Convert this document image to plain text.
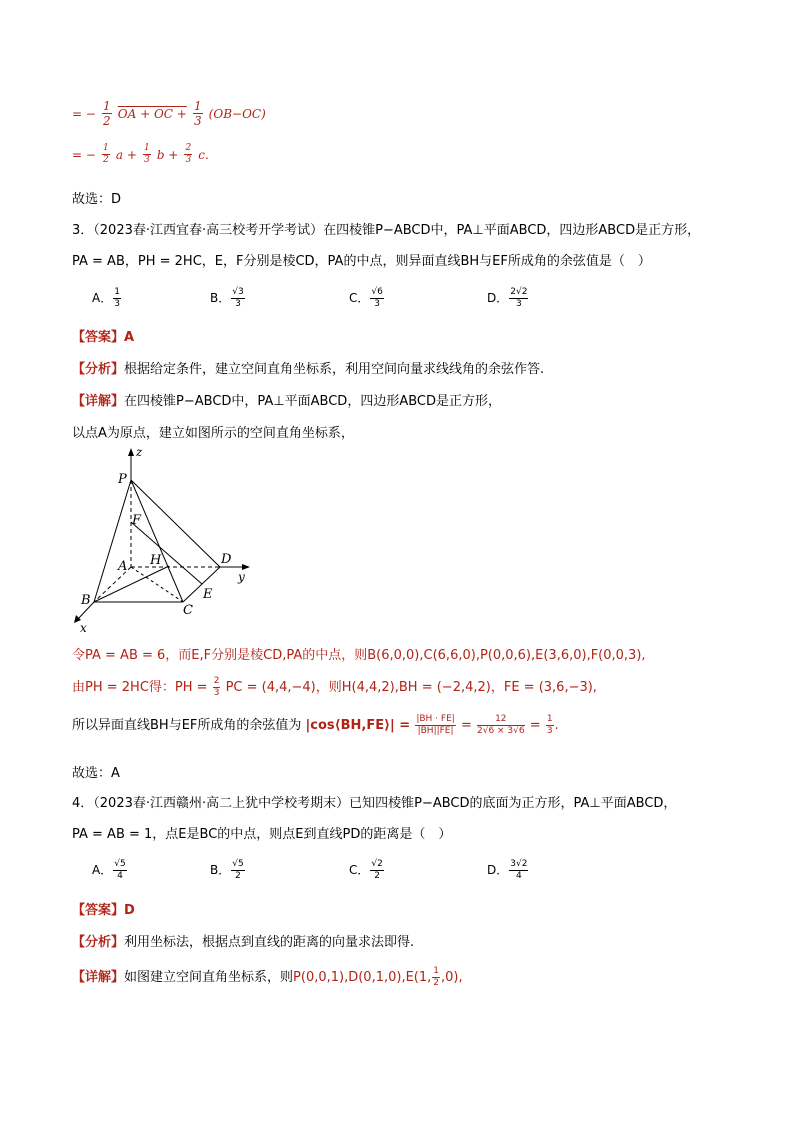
= − $\frac{1}{2}$ OA + OC + $\frac{1}{3} (OB-OC)$
= − $\frac{1}{2}$ $a + \frac{1}{3}$ $b + \frac{2}{3} c$.
故选：D
3．（2023春·江西宜春·高三校考开学考试）在四棱锥P−ABCD中，PA⊥平面ABCD，四边形ABCD是正方形，
PA = AB，PH = 2HC，E，F分别是棱CD，PA的中点，则异面直线BH与EF所成角的余弦值是（　）
A． $\frac{1}{3}$	B． $\frac{√3}{3}$	C． $\frac{√6}{3}$	D． $\frac{2√2}{3}$
【答案】A
【分析】根据给定条件，建立空间直角坐标系，利用空间向量求线线角的余弦作答.
【详解】在四棱锥P−ABCD中，PA⊥平面ABCD，四边形ABCD是正方形，
以点A为原点，建立如图所示的空间直角坐标系，
z
P
F
H
A	D
y
B
C
E
x
令PA = AB = 6，而E,F分别是棱CD,PA的中点，则B(6,0,0),C(6,6,0),P(0,0,6),E(3,6,0),F(0,0,3),
由PH = 2HC得：PH = $\frac{2}{3}$ PC = (4,4,−4)，则H(4,4,2),BH = (−2,4,2)，FE = (3,6,−3),
所以异面直线BH与EF所成角的余弦值为 |cos⟨BH,FE⟩| = $\frac{|BH \cdot FE|}{|BH||FE|} = \frac{12}{2√6 \times 3√6} = \frac{1}{3}$ .
故选：A
4．（2023春·江西赣州·高二上犹中学校考期末）已知四棱锥P−ABCD的底面为正方形，PA⊥平面ABCD，
PA = AB = 1，点E是BC的中点，则点E到直线PD的距离是（　）
A． $\frac{√5}{4}$	B． $\frac{√5}{2}$	C． $\frac{√2}{2}$	D． $\frac{3√2}{4}$
【答案】D
【分析】利用坐标法，根据点到直线的距离的向量求法即得.
【详解】如图建立空间直角坐标系，则P(0,0,1),D(0,1,0),E(1, $\frac{1}{2} ,0$),
